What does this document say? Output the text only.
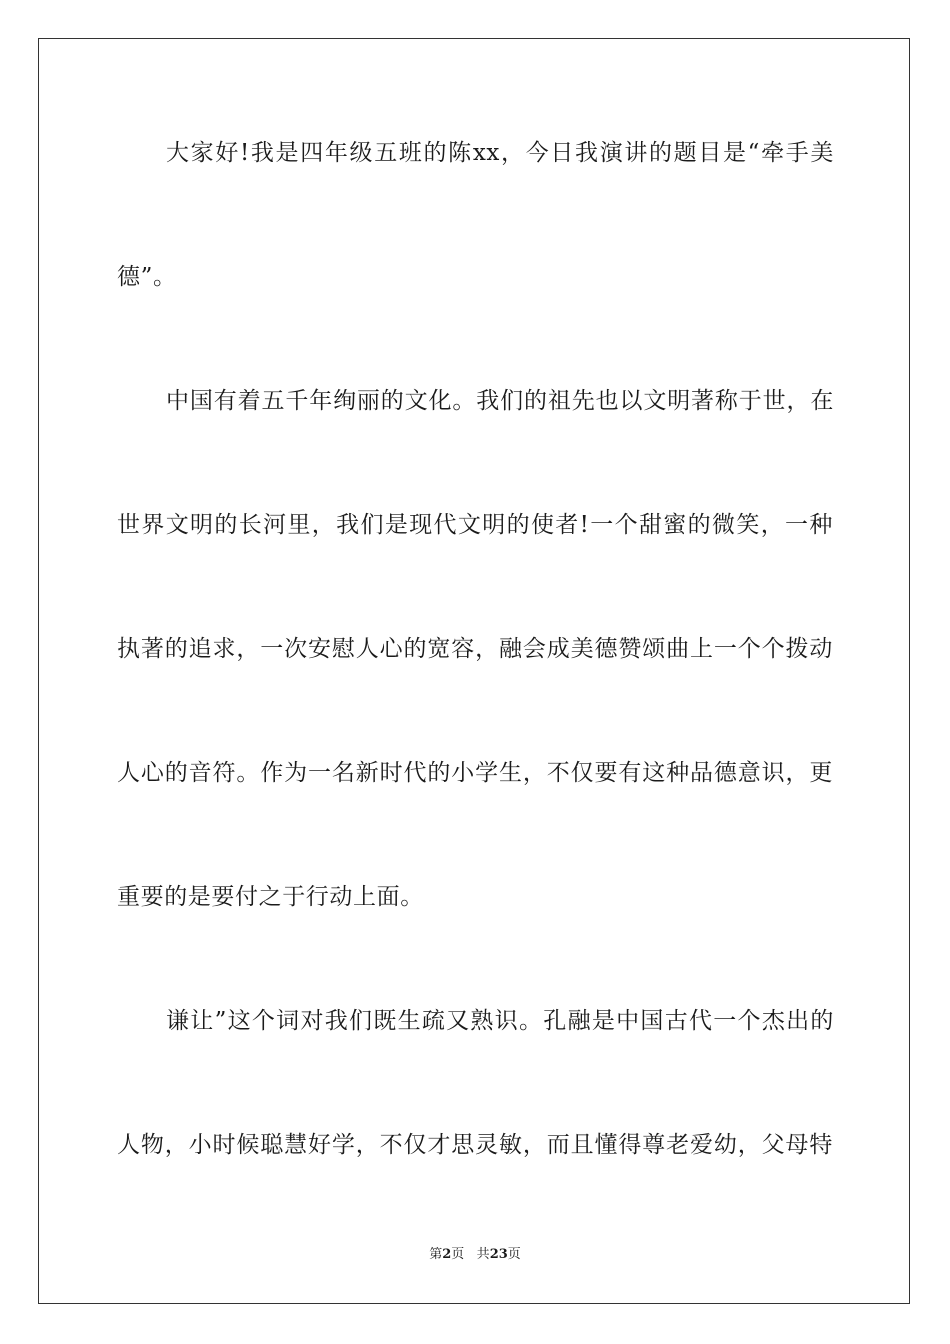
大家好!我是四年级五班的陈xx，今日我演讲的题目是“牵手美
德”。
中国有着五千年绚丽的文化。我们的祖先也以文明著称于世，在
世界文明的长河里，我们是现代文明的使者!一个甜蜜的微笑，一种
执著的追求，一次安慰人心的宽容，融会成美德赞颂曲上一个个拨动
人心的音符。作为一名新时代的小学生，不仅要有这种品德意识，更
重要的是要付之于行动上面。
谦让”这个词对我们既生疏又熟识。孔融是中国古代一个杰出的
人物，小时候聪慧好学，不仅才思灵敏，而且懂得尊老爱幼，父母特
第2页 共23页
